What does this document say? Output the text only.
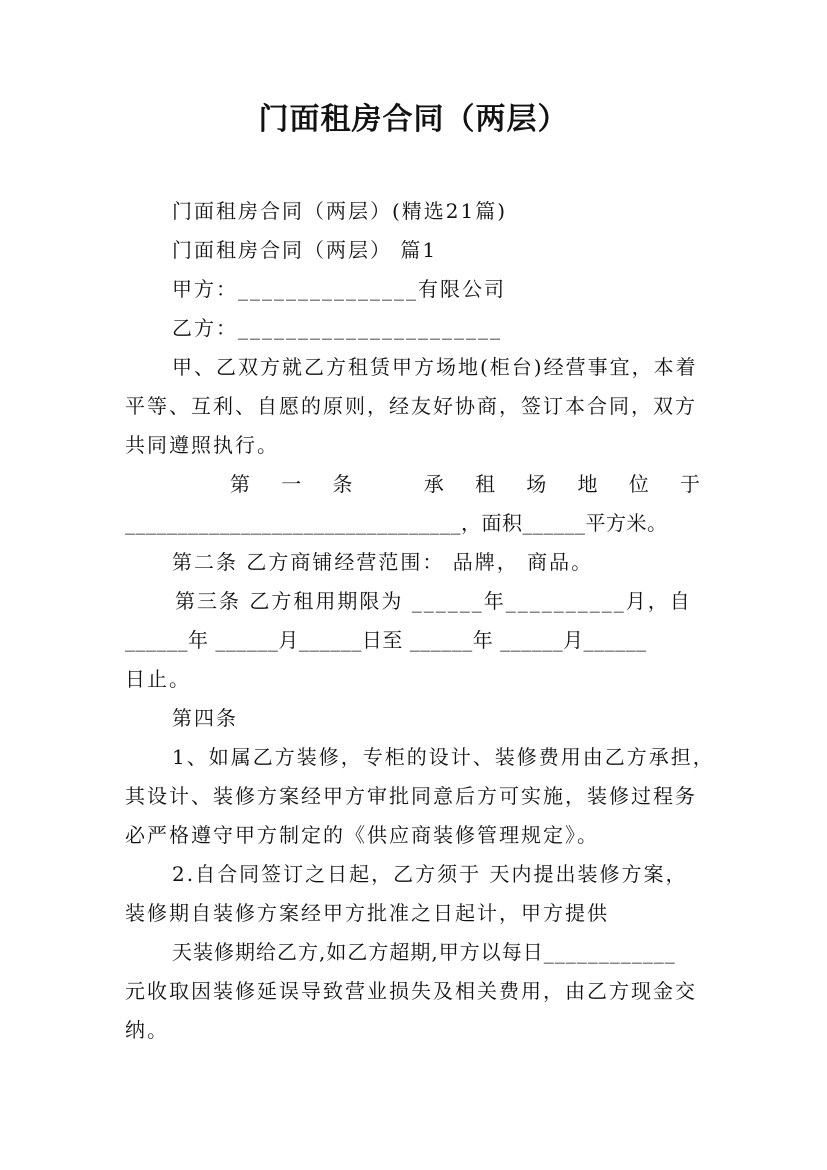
门面租房合同（两层）
门面租房合同（两层）(精选21篇)
门面租房合同（两层） 篇1
甲方：_______________有限公司
乙方：______________________
甲、乙双方就乙方租赁甲方场地(柜台)经营事宜，本着
平等、互利、自愿的原则，经友好协商，签订本合同，双方
共同遵照执行。
第 一 条	承 租 场 地 位 于
________________________________，面积______平方米。
第二条 乙方商铺经营范围： 品牌， 商品。
第三条 乙方租用期限为 ______年__________月，自
______年 ______月______日至 ______年 ______月______
日止。
第四条
1、如属乙方装修，专柜的设计、装修费用由乙方承担，
其设计、装修方案经甲方审批同意后方可实施，装修过程务
必严格遵守甲方制定的《供应商装修管理规定》。
2.自合同签订之日起，乙方须于 天内提出装修方案，
装修期自装修方案经甲方批准之日起计，甲方提供
天装修期给乙方,如乙方超期,甲方以每日____________
元收取因装修延误导致营业损失及相关费用，由乙方现金交
纳。
